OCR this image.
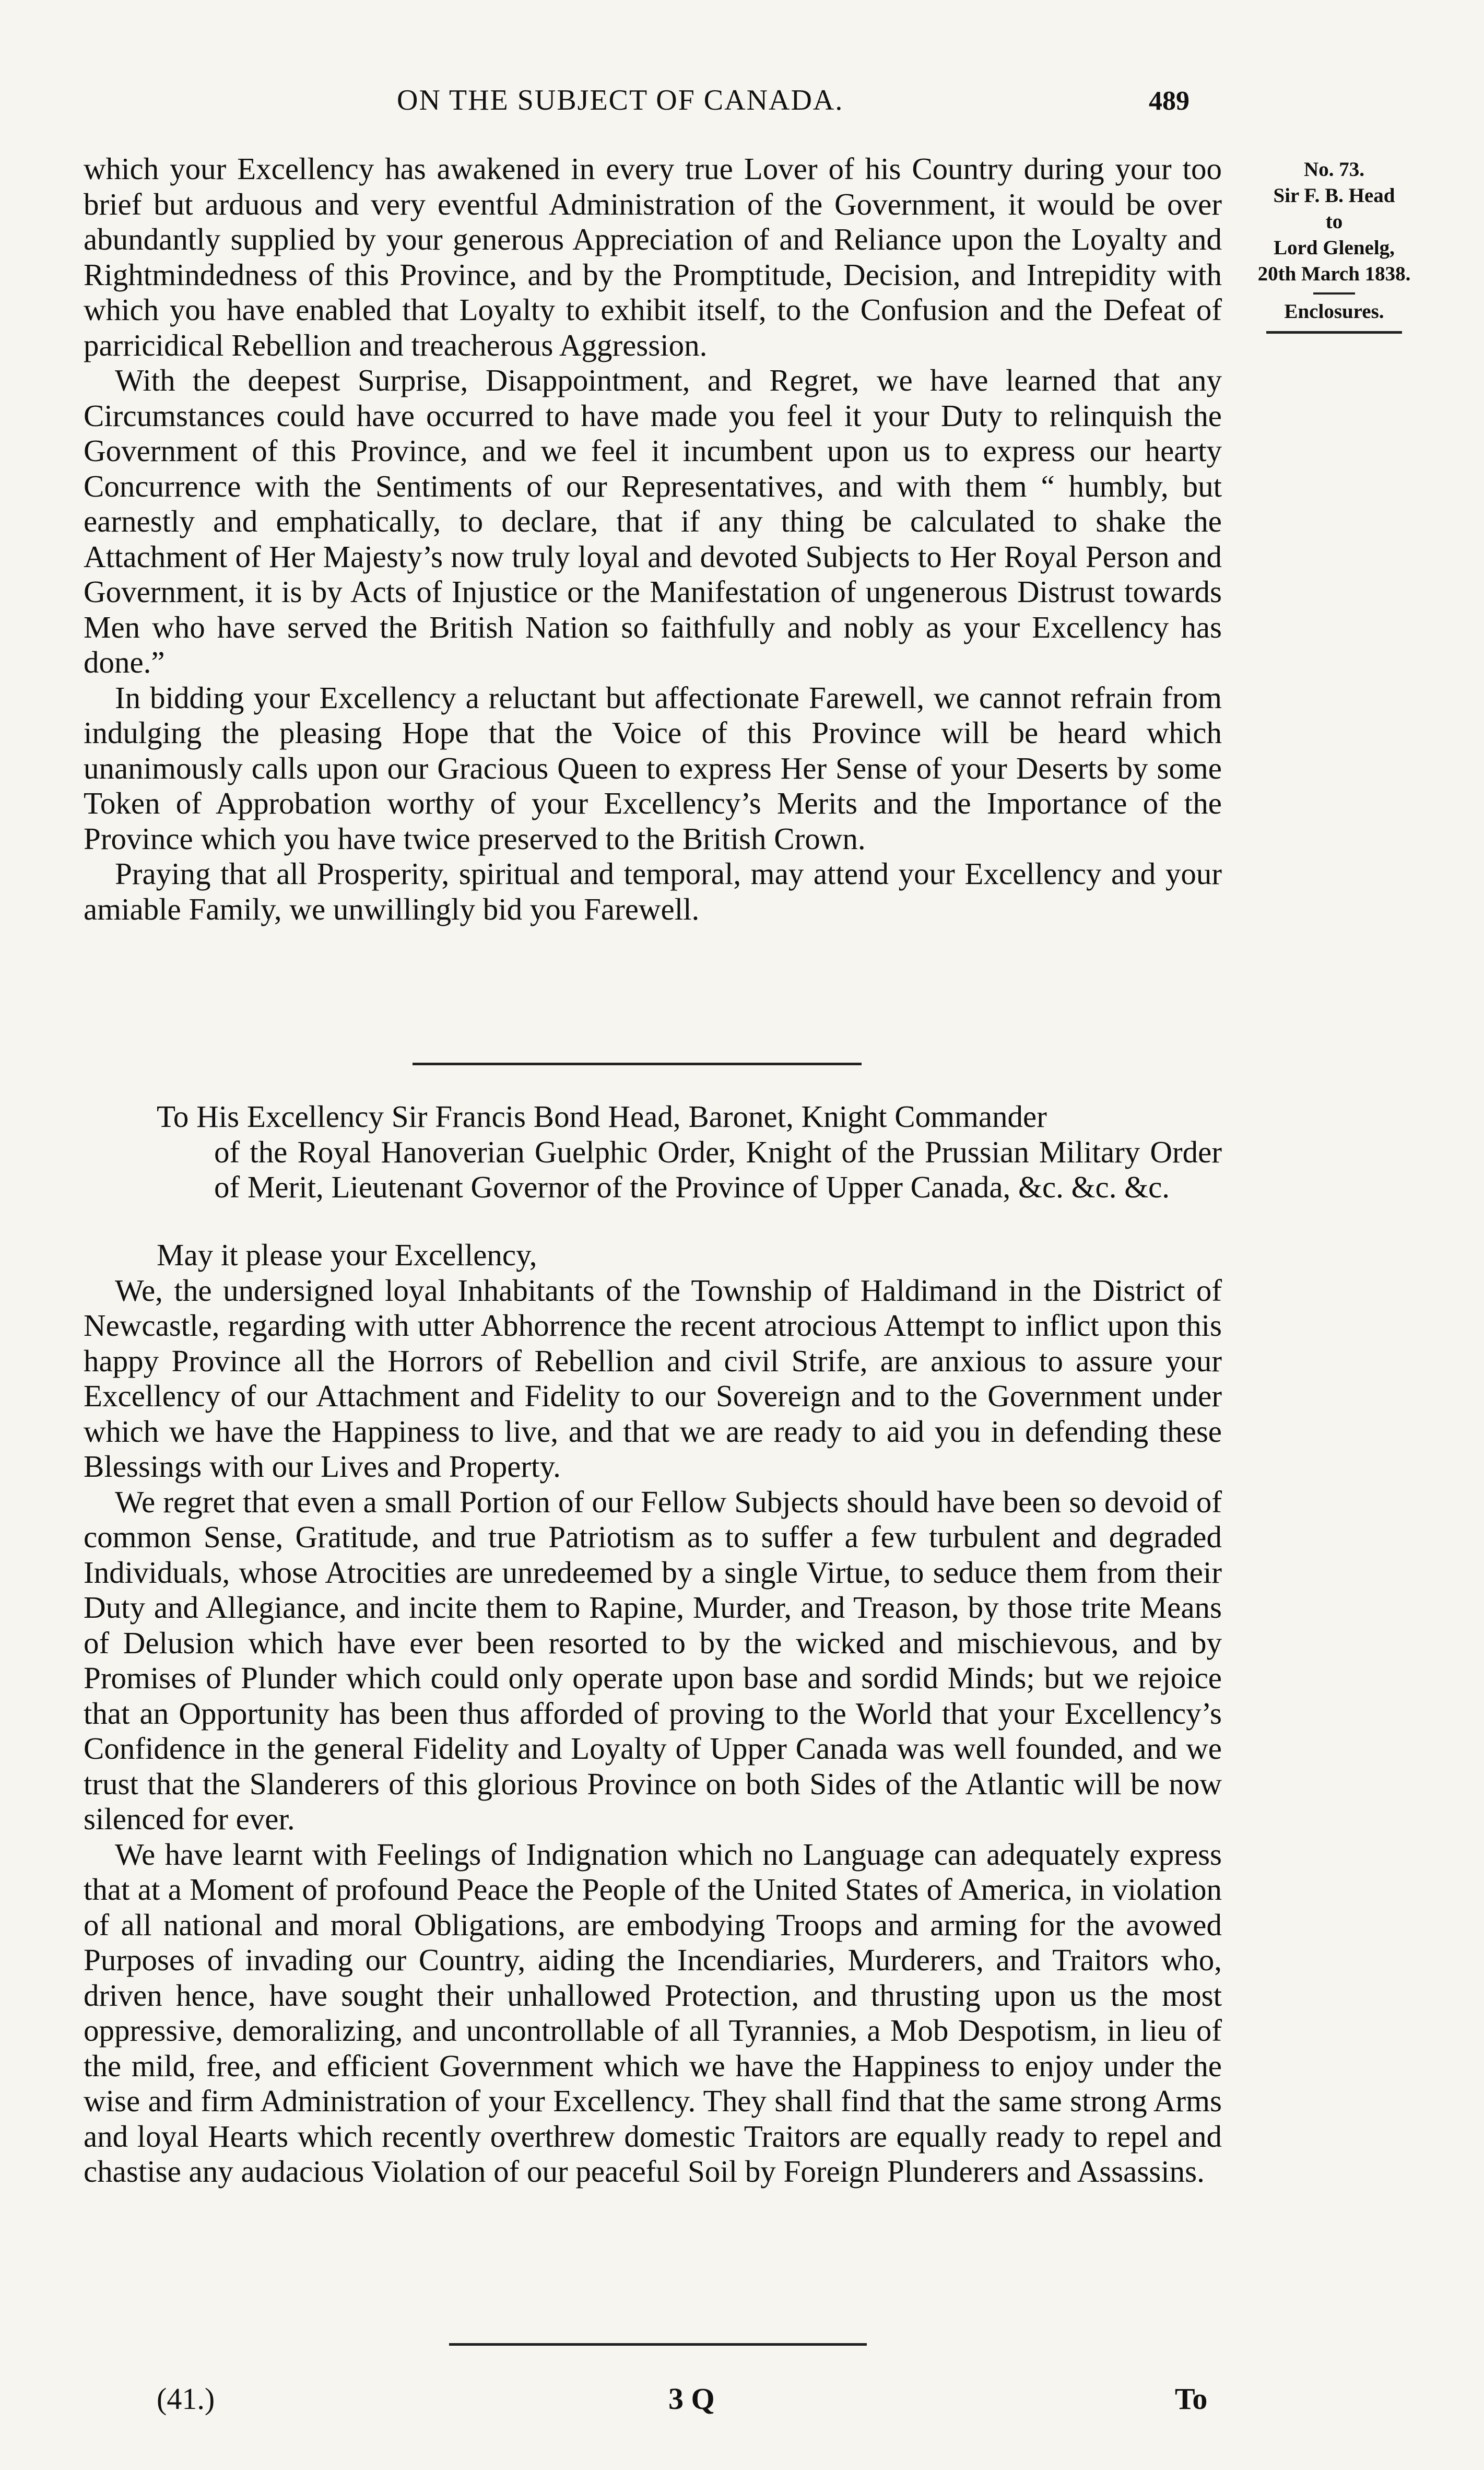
ON THE SUBJECT OF CANADA.	489
No. 73.
Sir F. B. Head
to
Lord Glenelg,
20th March 1838.
Enclosures.

which your Excellency has awakened in every true Lover of his Country during your too brief but arduous and very eventful Administration of the Government, it would be over abundantly supplied by your generous Appreciation of and Reliance upon the Loyalty and Rightmindedness of this Province, and by the Promptitude, Decision, and Intrepidity with which you have enabled that Loyalty to exhibit itself, to the Confusion and the Defeat of parricidical Rebellion and treacherous Aggression.

With the deepest Surprise, Disappointment, and Regret, we have learned that any Circumstances could have occurred to have made you feel it your Duty to relinquish the Government of this Province, and we feel it incumbent upon us to express our hearty Concurrence with the Sentiments of our Representatives, and with them “ humbly, but earnestly and emphatically, to declare, that if any thing be calculated to shake the Attachment of Her Majesty’s now truly loyal and devoted Subjects to Her Royal Person and Government, it is by Acts of Injustice or the Manifestation of ungenerous Distrust towards Men who have served the British Nation so faithfully and nobly as your Excellency has done.”

In bidding your Excellency a reluctant but affectionate Farewell, we cannot refrain from indulging the pleasing Hope that the Voice of this Province will be heard which unanimously calls upon our Gracious Queen to express Her Sense of your Deserts by some Token of Approbation worthy of your Excellency’s Merits and the Importance of the Province which you have twice preserved to the British Crown.

Praying that all Prosperity, spiritual and temporal, may attend your Excellency and your amiable Family, we unwillingly bid you Farewell.

To His Excellency Sir Francis Bond Head, Baronet, Knight Commander
of the Royal Hanoverian Guelphic Order, Knight of the Prussian Military Order of Merit, Lieutenant Governor of the Province of Upper Canada, &c. &c. &c.

May it please your Excellency,

We, the undersigned loyal Inhabitants of the Township of Haldimand in the District of Newcastle, regarding with utter Abhorrence the recent atrocious Attempt to inflict upon this happy Province all the Horrors of Rebellion and civil Strife, are anxious to assure your Excellency of our Attachment and Fidelity to our Sovereign and to the Government under which we have the Happiness to live, and that we are ready to aid you in defending these Blessings with our Lives and Property.

We regret that even a small Portion of our Fellow Subjects should have been so devoid of common Sense, Gratitude, and true Patriotism as to suffer a few turbulent and degraded Individuals, whose Atrocities are unredeemed by a single Virtue, to seduce them from their Duty and Allegiance, and incite them to Rapine, Murder, and Treason, by those trite Means of Delusion which have ever been resorted to by the wicked and mischievous, and by Promises of Plunder which could only operate upon base and sordid Minds; but we rejoice that an Opportunity has been thus afforded of proving to the World that your Excellency’s Confidence in the general Fidelity and Loyalty of Upper Canada was well founded, and we trust that the Slanderers of this glorious Province on both Sides of the Atlantic will be now silenced for ever.

We have learnt with Feelings of Indignation which no Language can adequately express that at a Moment of profound Peace the People of the United States of America, in violation of all national and moral Obligations, are embodying Troops and arming for the avowed Purposes of invading our Country, aiding the Incendiaries, Murderers, and Traitors who, driven hence, have sought their unhallowed Protection, and thrusting upon us the most oppressive, demoralizing, and uncontrollable of all Tyrannies, a Mob Despotism, in lieu of the mild, free, and efficient Government which we have the Happiness to enjoy under the wise and firm Administration of your Excellency. They shall find that the same strong Arms and loyal Hearts which recently overthrew domestic Traitors are equally ready to repel and chastise any audacious Violation of our peaceful Soil by Foreign Plunderers and Assassins.

(41.)	3 Q	To
